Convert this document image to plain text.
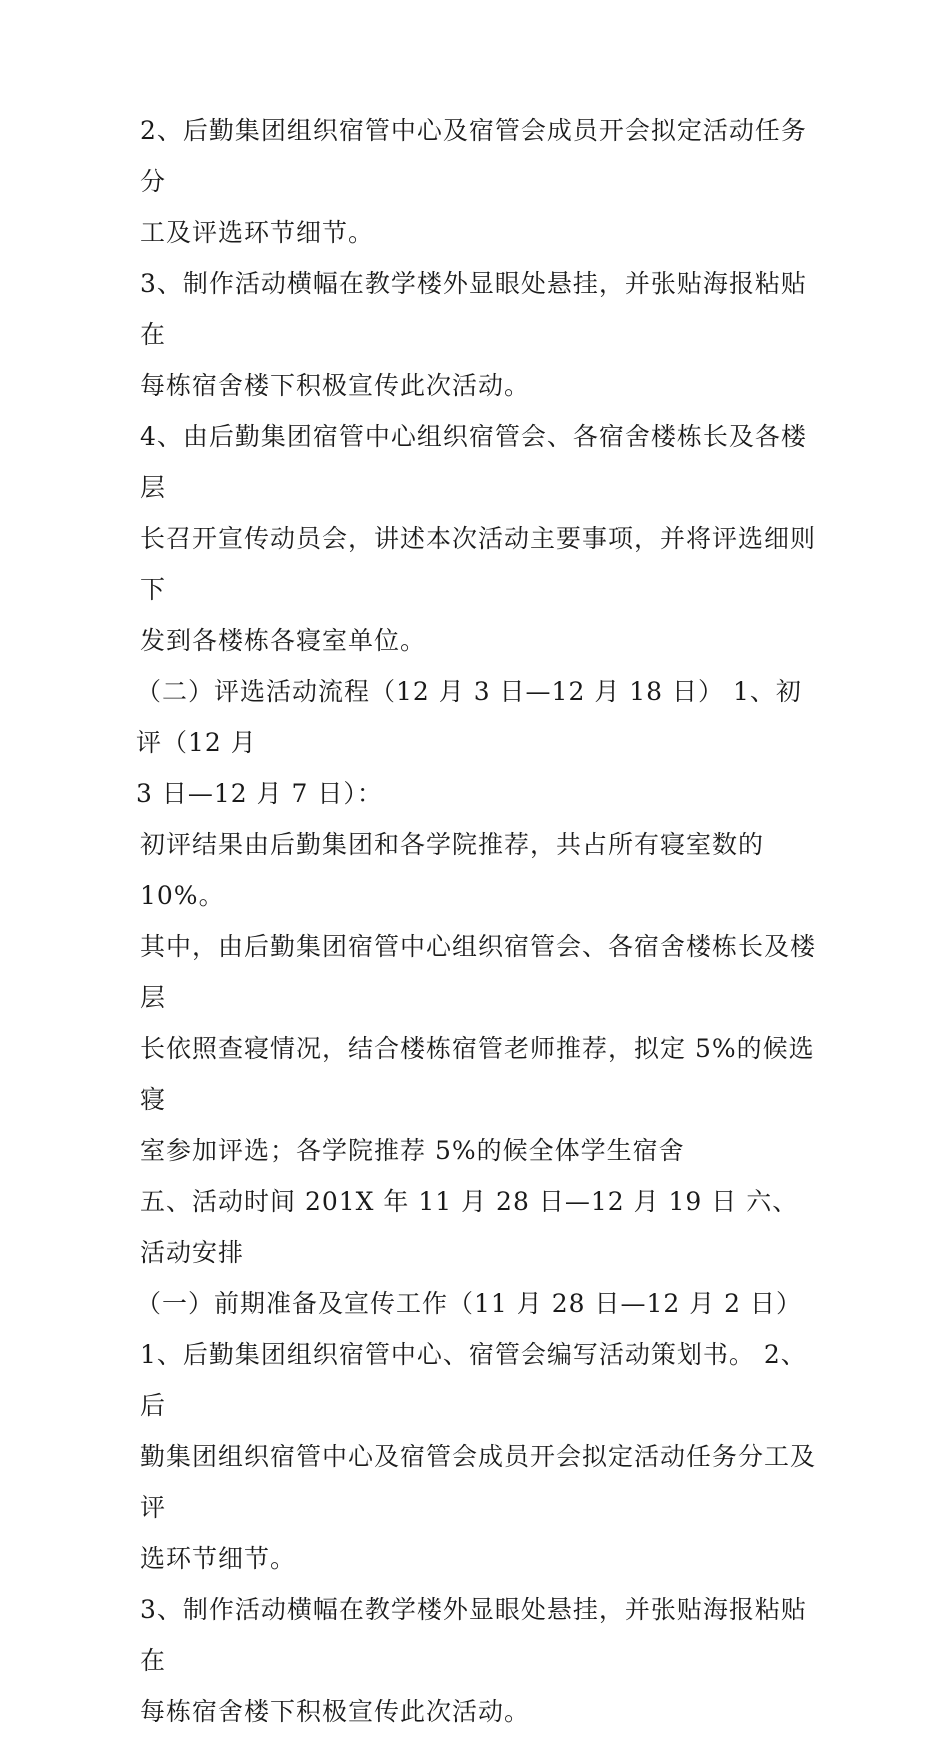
2、后勤集团组织宿管中心及宿管会成员开会拟定活动任务分
工及评选环节细节。

3、制作活动横幅在教学楼外显眼处悬挂，并张贴海报粘贴在
每栋宿舍楼下积极宣传此次活动。

4、由后勤集团宿管中心组织宿管会、各宿舍楼栋长及各楼层
长召开宣传动员会，讲述本次活动主要事项，并将评选细则下
发到各楼栋各寝室单位。

（二）评选活动流程（12 月 3 日—12 月 18 日） 1、初评（12 月
3 日—12 月 7 日）：

初评结果由后勤集团和各学院推荐，共占所有寝室数的 10%。

其中，由后勤集团宿管中心组织宿管会、各宿舍楼栋长及楼层
长依照查寝情况，结合楼栋宿管老师推荐，拟定 5%的候选寝
室参加评选；各学院推荐 5%的候全体学生宿舍

五、活动时间 201X 年 11 月 28 日—12 月 19 日 六、活动安排

（一）前期准备及宣传工作（11 月 28 日—12 月 2 日）

1、后勤集团组织宿管中心、宿管会编写活动策划书。 2、后
勤集团组织宿管中心及宿管会成员开会拟定活动任务分工及评
选环节细节。

3、制作活动横幅在教学楼外显眼处悬挂，并张贴海报粘贴在
每栋宿舍楼下积极宣传此次活动。
